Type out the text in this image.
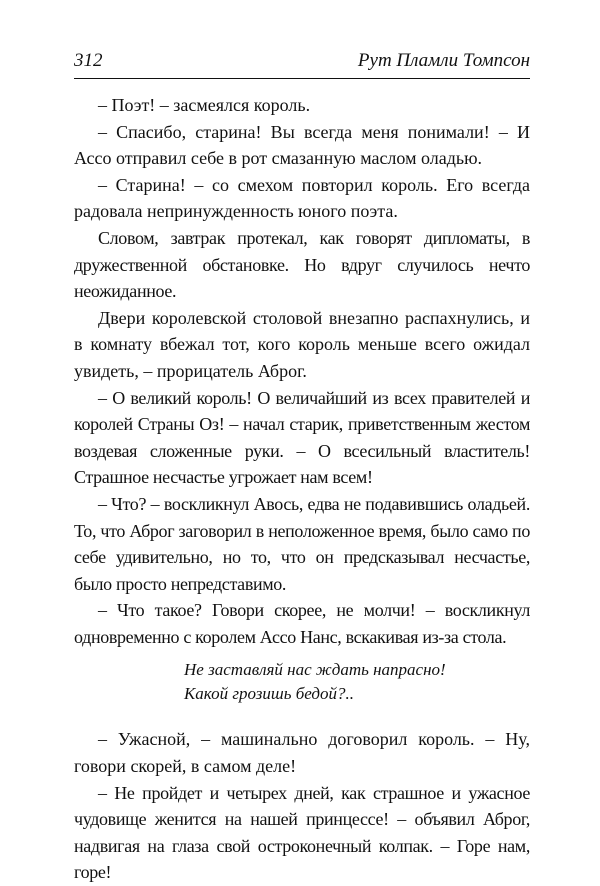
312	Рут Пламли Томпсон

– Поэт! – засмеялся король.

– Спасибо, старина! Вы всегда меня понимали! – И Ассо отправил себе в рот смазанную маслом оладью.

– Старина! – со смехом повторил король. Его всегда радовала непринужденность юного поэта.

Словом, завтрак протекал, как говорят дипломаты, в дружественной обстановке. Но вдруг случилось нечто неожиданное.

Двери королевской столовой внезапно распахнулись, и в комнату вбежал тот, кого король меньше всего ожидал увидеть, – прорицатель Аброг.

– О великий король! О величайший из всех правителей и королей Страны Оз! – начал старик, приветственным жестом воздевая сложенные руки. – О всесильный властитель! Страшное несчастье угрожает нам всем!

– Что? – воскликнул Авось, едва не подавившись оладьей. То, что Аброг заговорил в неположенное время, было само по себе удивительно, но то, что он предсказывал несчастье, было просто непредставимо.

– Что такое? Говори скорее, не молчи! – воскликнул одновременно с королем Ассо Нанс, вскакивая из-за стола.

Не заставляй нас ждать напрасно!
Какой грозишь бедой?..

– Ужасной, – машинально договорил король. – Ну, говори скорей, в самом деле!

– Не пройдет и четырех дней, как страшное и ужасное чудовище женится на нашей принцессе! – объявил Аброг, надвигая на глаза свой остроконечный колпак. – Горе нам, горе!
